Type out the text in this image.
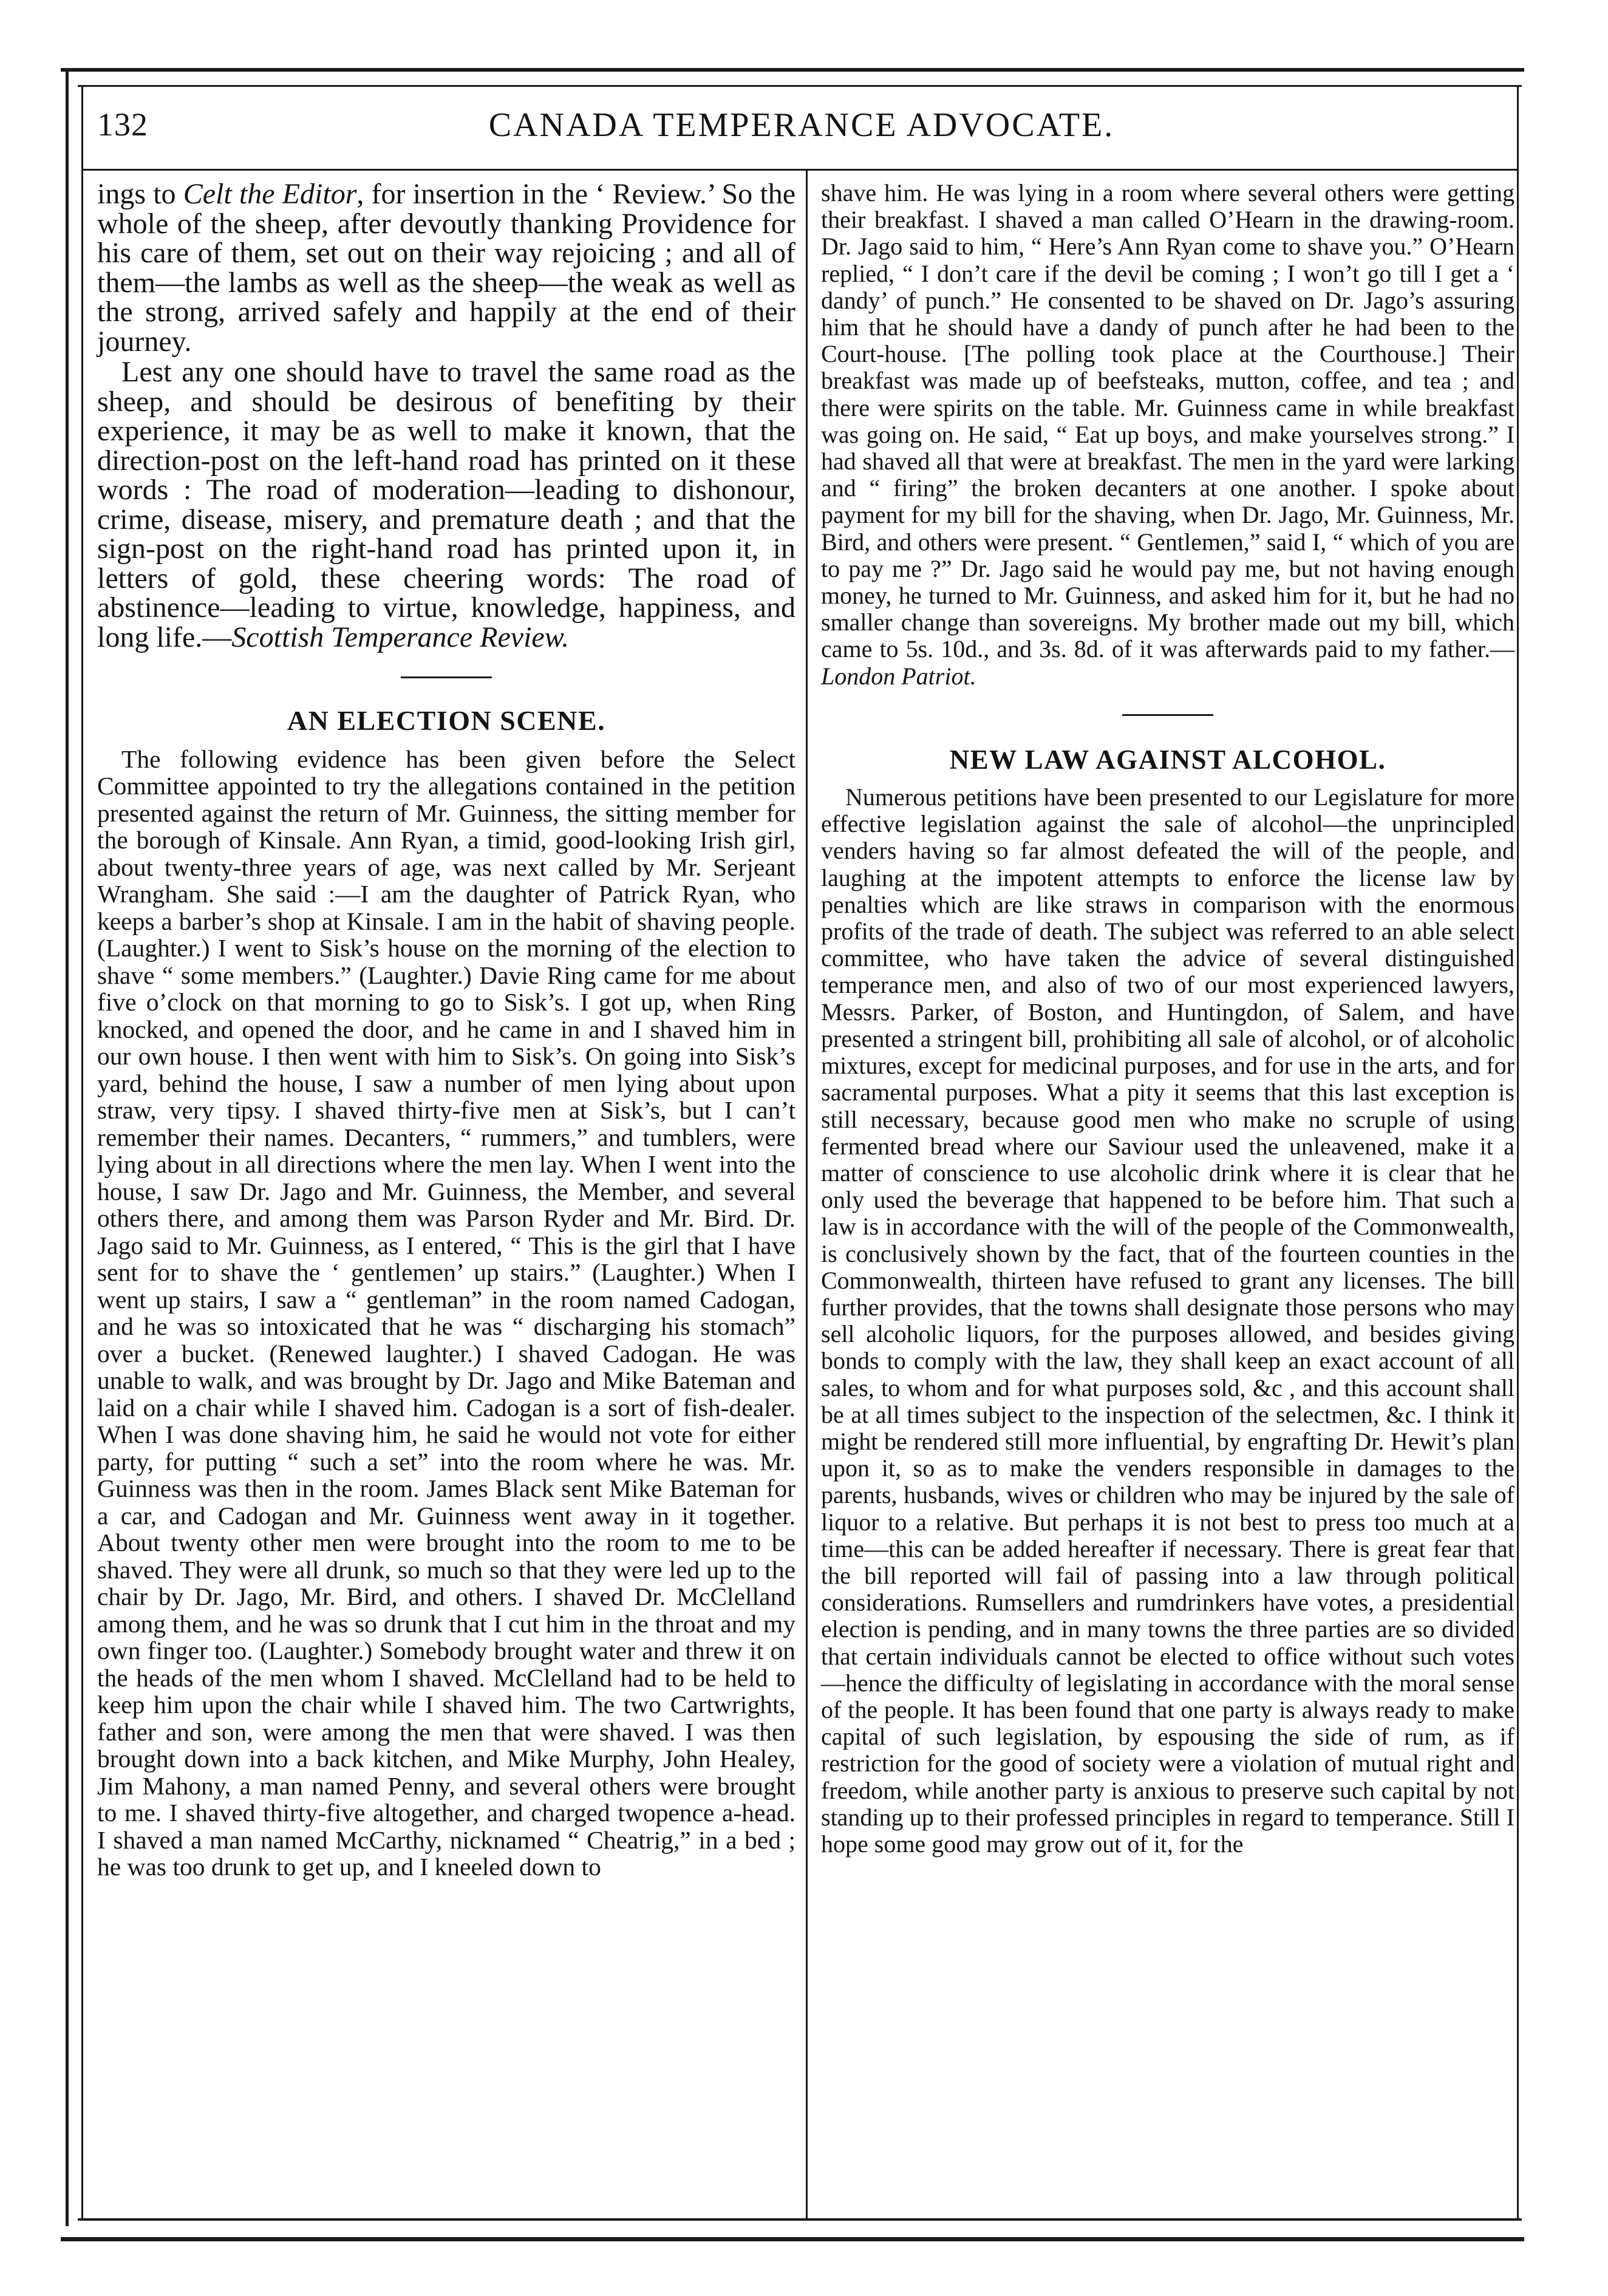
132	CANADA TEMPERANCE ADVOCATE.

ings to Celt the Editor, for insertion in the ‘ Review.’ So the whole of the sheep, after devoutly thanking Providence for his care of them, set out on their way rejoicing ; and all of them—the lambs as well as the sheep—the weak as well as the strong, arrived safely and happily at the end of their journey.

Lest any one should have to travel the same road as the sheep, and should be desirous of benefiting by their experience, it may be as well to make it known, that the direction-post on the left-hand road has printed on it these words : The road of moderation—leading to dishonour, crime, disease, misery, and premature death ; and that the sign-post on the right-hand road has printed upon it, in letters of gold, these cheering words: The road of abstinence—leading to virtue, knowledge, happiness, and long life.—Scottish Temperance Review.

AN ELECTION SCENE.

The following evidence has been given before the Select Committee appointed to try the allegations contained in the petition presented against the return of Mr. Guinness, the sitting member for the borough of Kinsale. Ann Ryan, a timid, good-looking Irish girl, about twenty-three years of age, was next called by Mr. Serjeant Wrangham. She said :—I am the daughter of Patrick Ryan, who keeps a barber’s shop at Kinsale. I am in the habit of shaving people. (Laughter.) I went to Sisk’s house on the morning of the election to shave “ some members.” (Laughter.) Davie Ring came for me about five o’clock on that morning to go to Sisk’s. I got up, when Ring knocked, and opened the door, and he came in and I shaved him in our own house. I then went with him to Sisk’s. On going into Sisk’s yard, behind the house, I saw a number of men lying about upon straw, very tipsy. I shaved thirty-five men at Sisk’s, but I can’t remember their names. Decanters, “ rummers,” and tumblers, were lying about in all directions where the men lay. When I went into the house, I saw Dr. Jago and Mr. Guinness, the Member, and several others there, and among them was Parson Ryder and Mr. Bird. Dr. Jago said to Mr. Guinness, as I entered, “ This is the girl that I have sent for to shave the ‘ gentlemen’ up stairs.” (Laughter.) When I went up stairs, I saw a “ gentleman” in the room named Cadogan, and he was so intoxicated that he was “ discharging his stomach” over a bucket. (Renewed laughter.) I shaved Cadogan. He was unable to walk, and was brought by Dr. Jago and Mike Bateman and laid on a chair while I shaved him. Cadogan is a sort of fish-dealer. When I was done shaving him, he said he would not vote for either party, for putting “ such a set” into the room where he was. Mr. Guinness was then in the room. James Black sent Mike Bateman for a car, and Cadogan and Mr. Guinness went away in it together. About twenty other men were brought into the room to me to be shaved. They were all drunk, so much so that they were led up to the chair by Dr. Jago, Mr. Bird, and others. I shaved Dr. McClelland among them, and he was so drunk that I cut him in the throat and my own finger too. (Laughter.) Somebody brought water and threw it on the heads of the men whom I shaved. McClelland had to be held to keep him upon the chair while I shaved him. The two Cartwrights, father and son, were among the men that were shaved. I was then brought down into a back kitchen, and Mike Murphy, John Healey, Jim Mahony, a man named Penny, and several others were brought to me. I shaved thirty-five altogether, and charged twopence a-head. I shaved a man named McCarthy, nicknamed “ Cheatrig,” in a bed ; he was too drunk to get up, and I kneeled down to

shave him. He was lying in a room where several others were getting their breakfast. I shaved a man called O’Hearn in the drawing-room. Dr. Jago said to him, “ Here’s Ann Ryan come to shave you.” O’Hearn replied, “ I don’t care if the devil be coming ; I won’t go till I get a ‘ dandy’ of punch.” He consented to be shaved on Dr. Jago’s assuring him that he should have a dandy of punch after he had been to the Court-house. [The polling took place at the Courthouse.] Their breakfast was made up of beefsteaks, mutton, coffee, and tea ; and there were spirits on the table. Mr. Guinness came in while breakfast was going on. He said, “ Eat up boys, and make yourselves strong.” I had shaved all that were at breakfast. The men in the yard were larking and “ firing” the broken decanters at one another. I spoke about payment for my bill for the shaving, when Dr. Jago, Mr. Guinness, Mr. Bird, and others were present. “ Gentlemen,” said I, “ which of you are to pay me ?” Dr. Jago said he would pay me, but not having enough money, he turned to Mr. Guinness, and asked him for it, but he had no smaller change than sovereigns. My brother made out my bill, which came to 5s. 10d., and 3s. 8d. of it was afterwards paid to my father.—London Patriot.

NEW LAW AGAINST ALCOHOL.

Numerous petitions have been presented to our Legislature for more effective legislation against the sale of alcohol—the unprincipled venders having so far almost defeated the will of the people, and laughing at the impotent attempts to enforce the license law by penalties which are like straws in comparison with the enormous profits of the trade of death. The subject was referred to an able select committee, who have taken the advice of several distinguished temperance men, and also of two of our most experienced lawyers, Messrs. Parker, of Boston, and Huntingdon, of Salem, and have presented a stringent bill, prohibiting all sale of alcohol, or of alcoholic mixtures, except for medicinal purposes, and for use in the arts, and for sacramental purposes. What a pity it seems that this last exception is still necessary, because good men who make no scruple of using fermented bread where our Saviour used the unleavened, make it a matter of conscience to use alcoholic drink where it is clear that he only used the beverage that happened to be before him. That such a law is in accordance with the will of the people of the Commonwealth, is conclusively shown by the fact, that of the fourteen counties in the Commonwealth, thirteen have refused to grant any licenses. The bill further provides, that the towns shall designate those persons who may sell alcoholic liquors, for the purposes allowed, and besides giving bonds to comply with the law, they shall keep an exact account of all sales, to whom and for what purposes sold, &c , and this account shall be at all times subject to the inspection of the selectmen, &c. I think it might be rendered still more influential, by engrafting Dr. Hewit’s plan upon it, so as to make the venders responsible in damages to the parents, husbands, wives or children who may be injured by the sale of liquor to a relative. But perhaps it is not best to press too much at a time—this can be added hereafter if necessary. There is great fear that the bill reported will fail of passing into a law through political considerations. Rumsellers and rumdrinkers have votes, a presidential election is pending, and in many towns the three parties are so divided that certain individuals cannot be elected to office without such votes—hence the difficulty of legislating in accordance with the moral sense of the people. It has been found that one party is always ready to make capital of such legislation, by espousing the side of rum, as if restriction for the good of society were a violation of mutual right and freedom, while another party is anxious to preserve such capital by not standing up to their professed principles in regard to temperance. Still I hope some good may grow out of it, for the
